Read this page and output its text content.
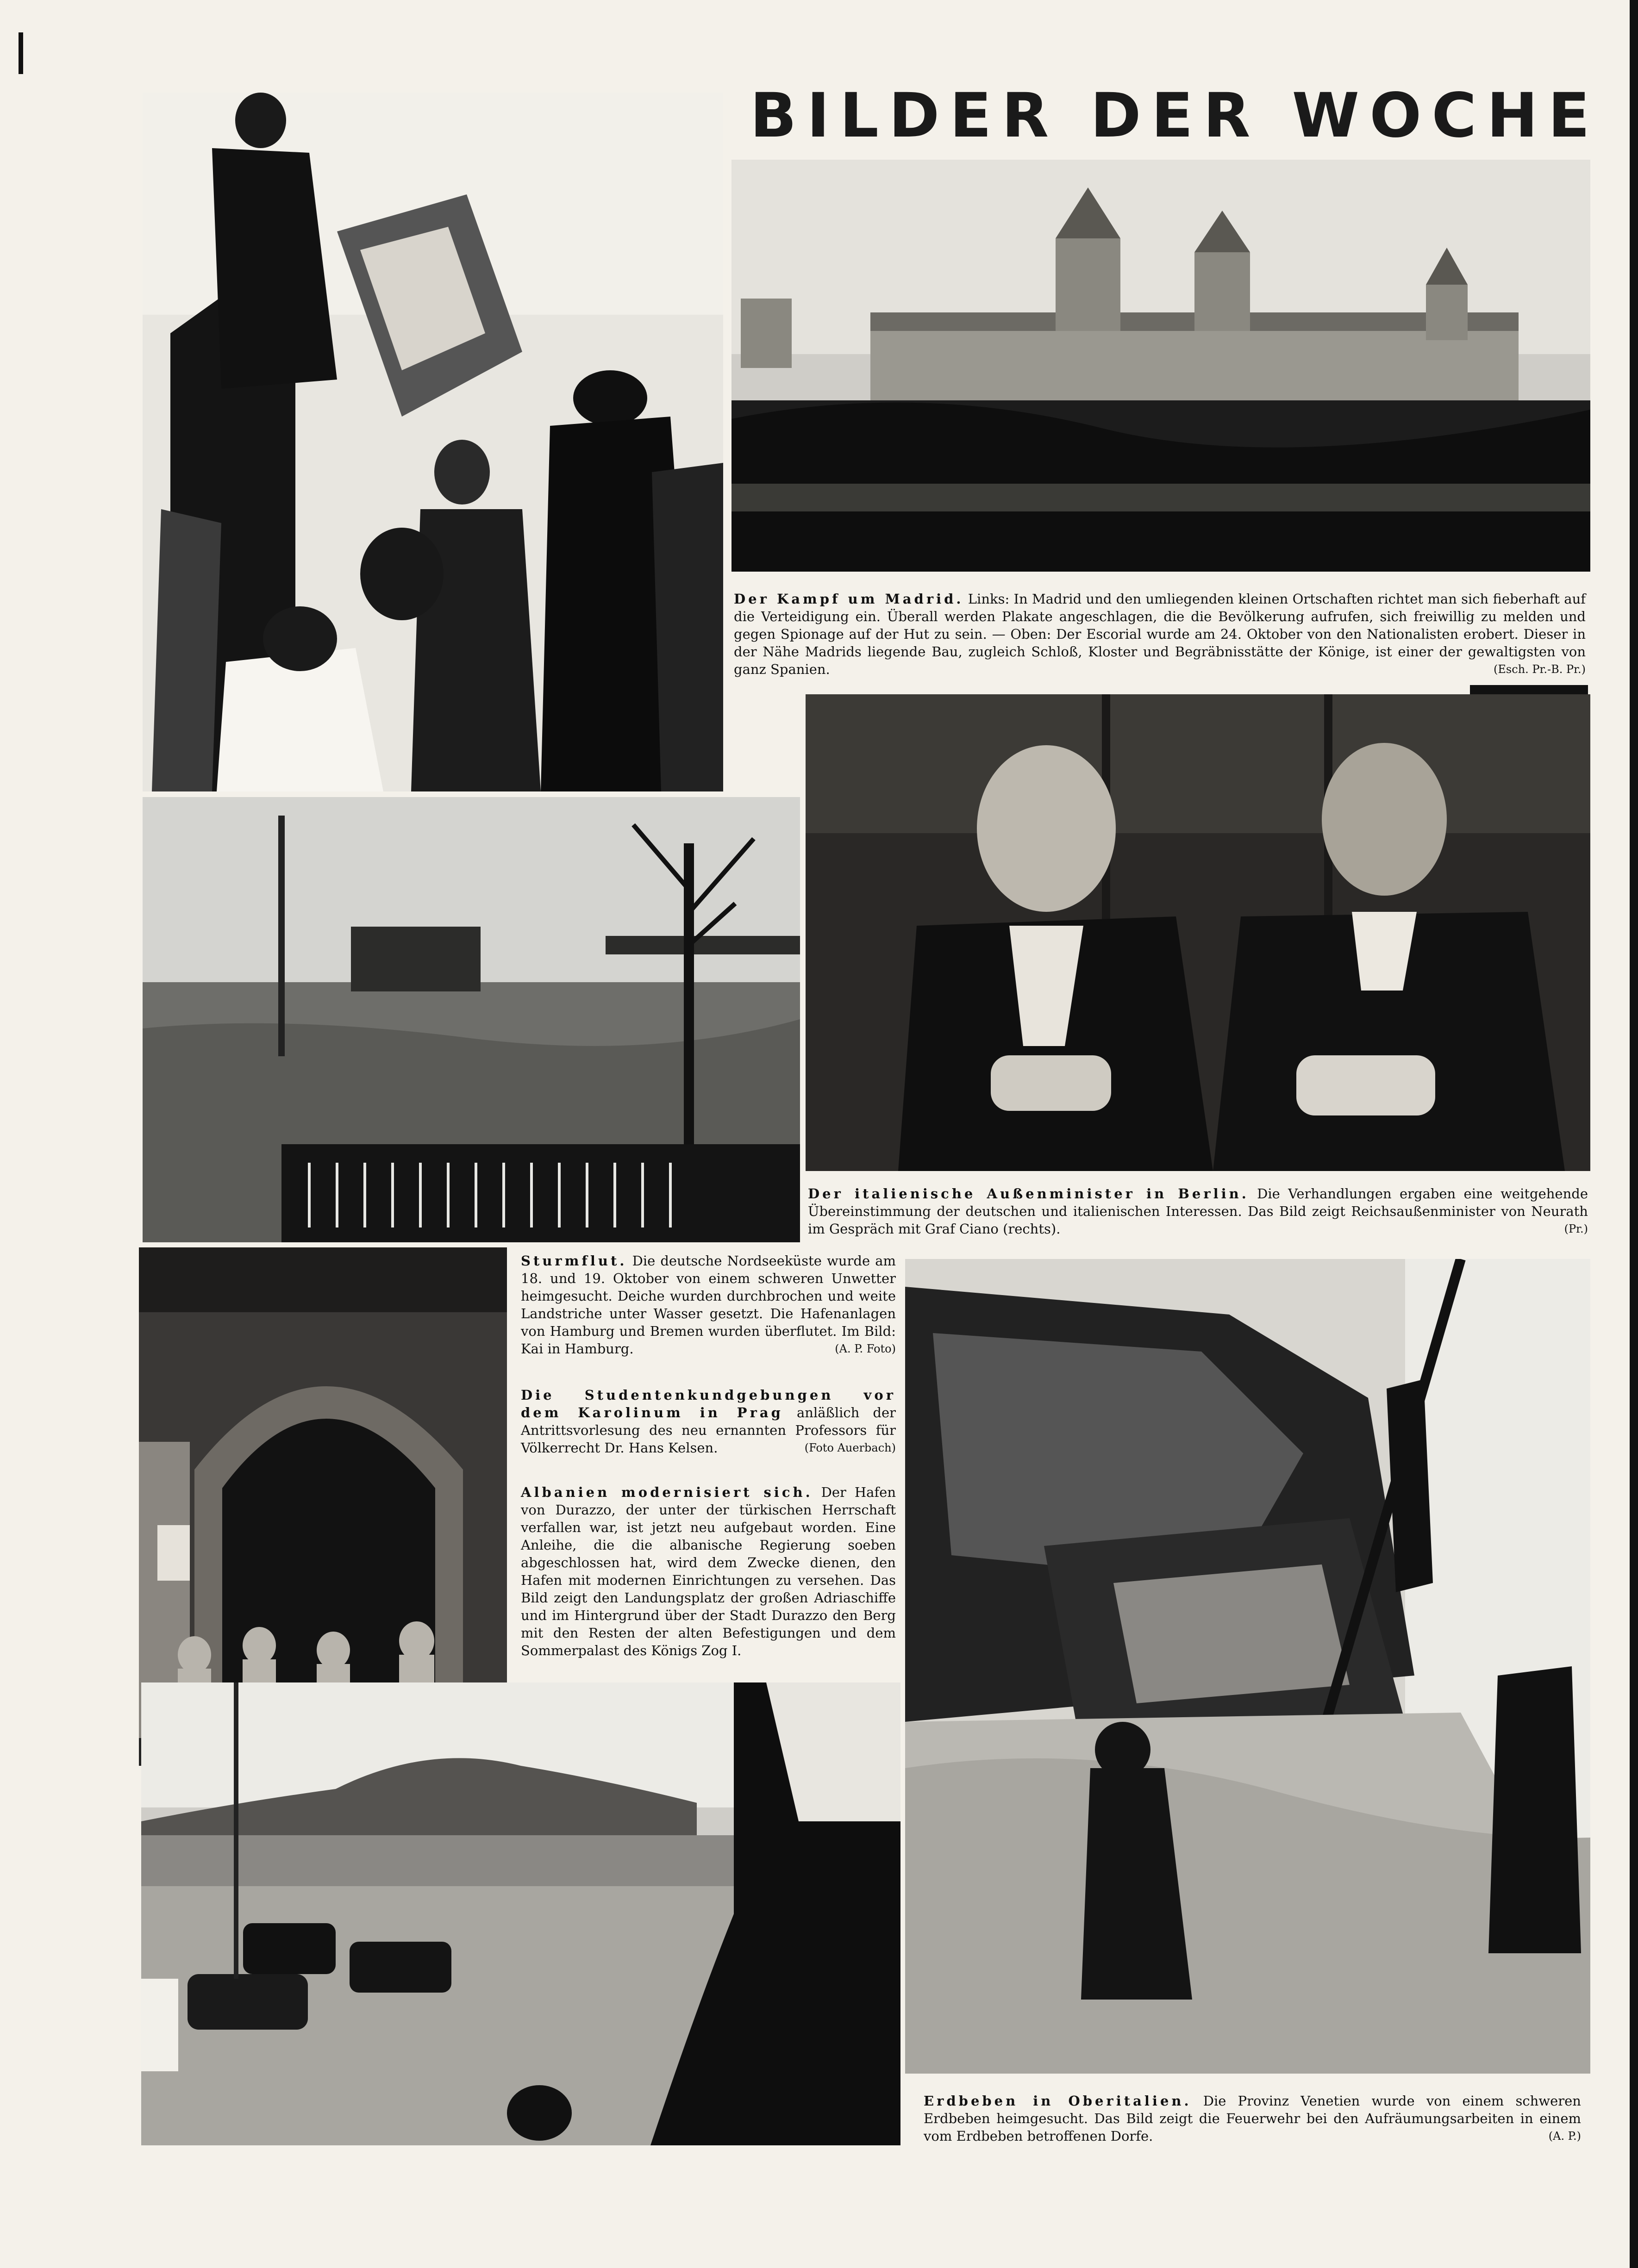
BILDER DER WOCHE
Der Kampf um Madrid. Links: In Madrid und den umliegenden kleinen Ortschaften richtet man sich fieberhaft auf die Verteidigung ein. Überall werden Plakate angeschlagen, die die Bevölkerung aufrufen, sich freiwillig zu melden und gegen Spionage auf der Hut zu sein. — Oben: Der Escorial wurde am 24. Oktober von den Nationalisten erobert. Dieser in der Nähe Madrids liegende Bau, zugleich Schloß, Kloster und Begräbnisstätte der Könige, ist einer der gewaltigsten von ganz Spanien.	(Esch. Pr.-B. Pr.)
Der italienische Außenminister in Berlin. Die Verhandlungen ergaben eine weitgehende Übereinstimmung der deutschen und italienischen Interessen. Das Bild zeigt Reichsaußenminister von Neurath im Gespräch mit Graf Ciano (rechts).	(Pr.)
Sturmflut. Die deutsche Nordseeküste wurde am 18. und 19. Oktober von einem schweren Unwetter heimgesucht. Deiche wurden durchbrochen und weite Landstriche unter Wasser gesetzt. Die Hafenanlagen von Hamburg und Bremen wurden überflutet. Im Bild: Kai in Hamburg.	(A. P. Foto)
Die Studentenkundgebungen vor dem Karolinum in Prag anläßlich der Antrittsvorlesung des neu ernannten Professors für Völkerrecht Dr. Hans Kelsen.	(Foto Auerbach)
Albanien modernisiert sich. Der Hafen von Durazzo, der unter der türkischen Herrschaft verfallen war, ist jetzt neu aufgebaut worden. Eine Anleihe, die die albanische Regierung soeben abgeschlossen hat, wird dem Zwecke dienen, den Hafen mit modernen Einrichtungen zu versehen. Das Bild zeigt den Landungsplatz der großen Adriaschiffe und im Hintergrund über der Stadt Durazzo den Berg mit den Resten der alten Befestigungen und dem Sommerpalast des Königs Zog I.
Erdbeben in Oberitalien. Die Provinz Venetien wurde von einem schweren Erdbeben heimgesucht. Das Bild zeigt die Feuerwehr bei den Aufräumungsarbeiten in einem vom Erdbeben betroffenen Dorfe.	(A. P.)
